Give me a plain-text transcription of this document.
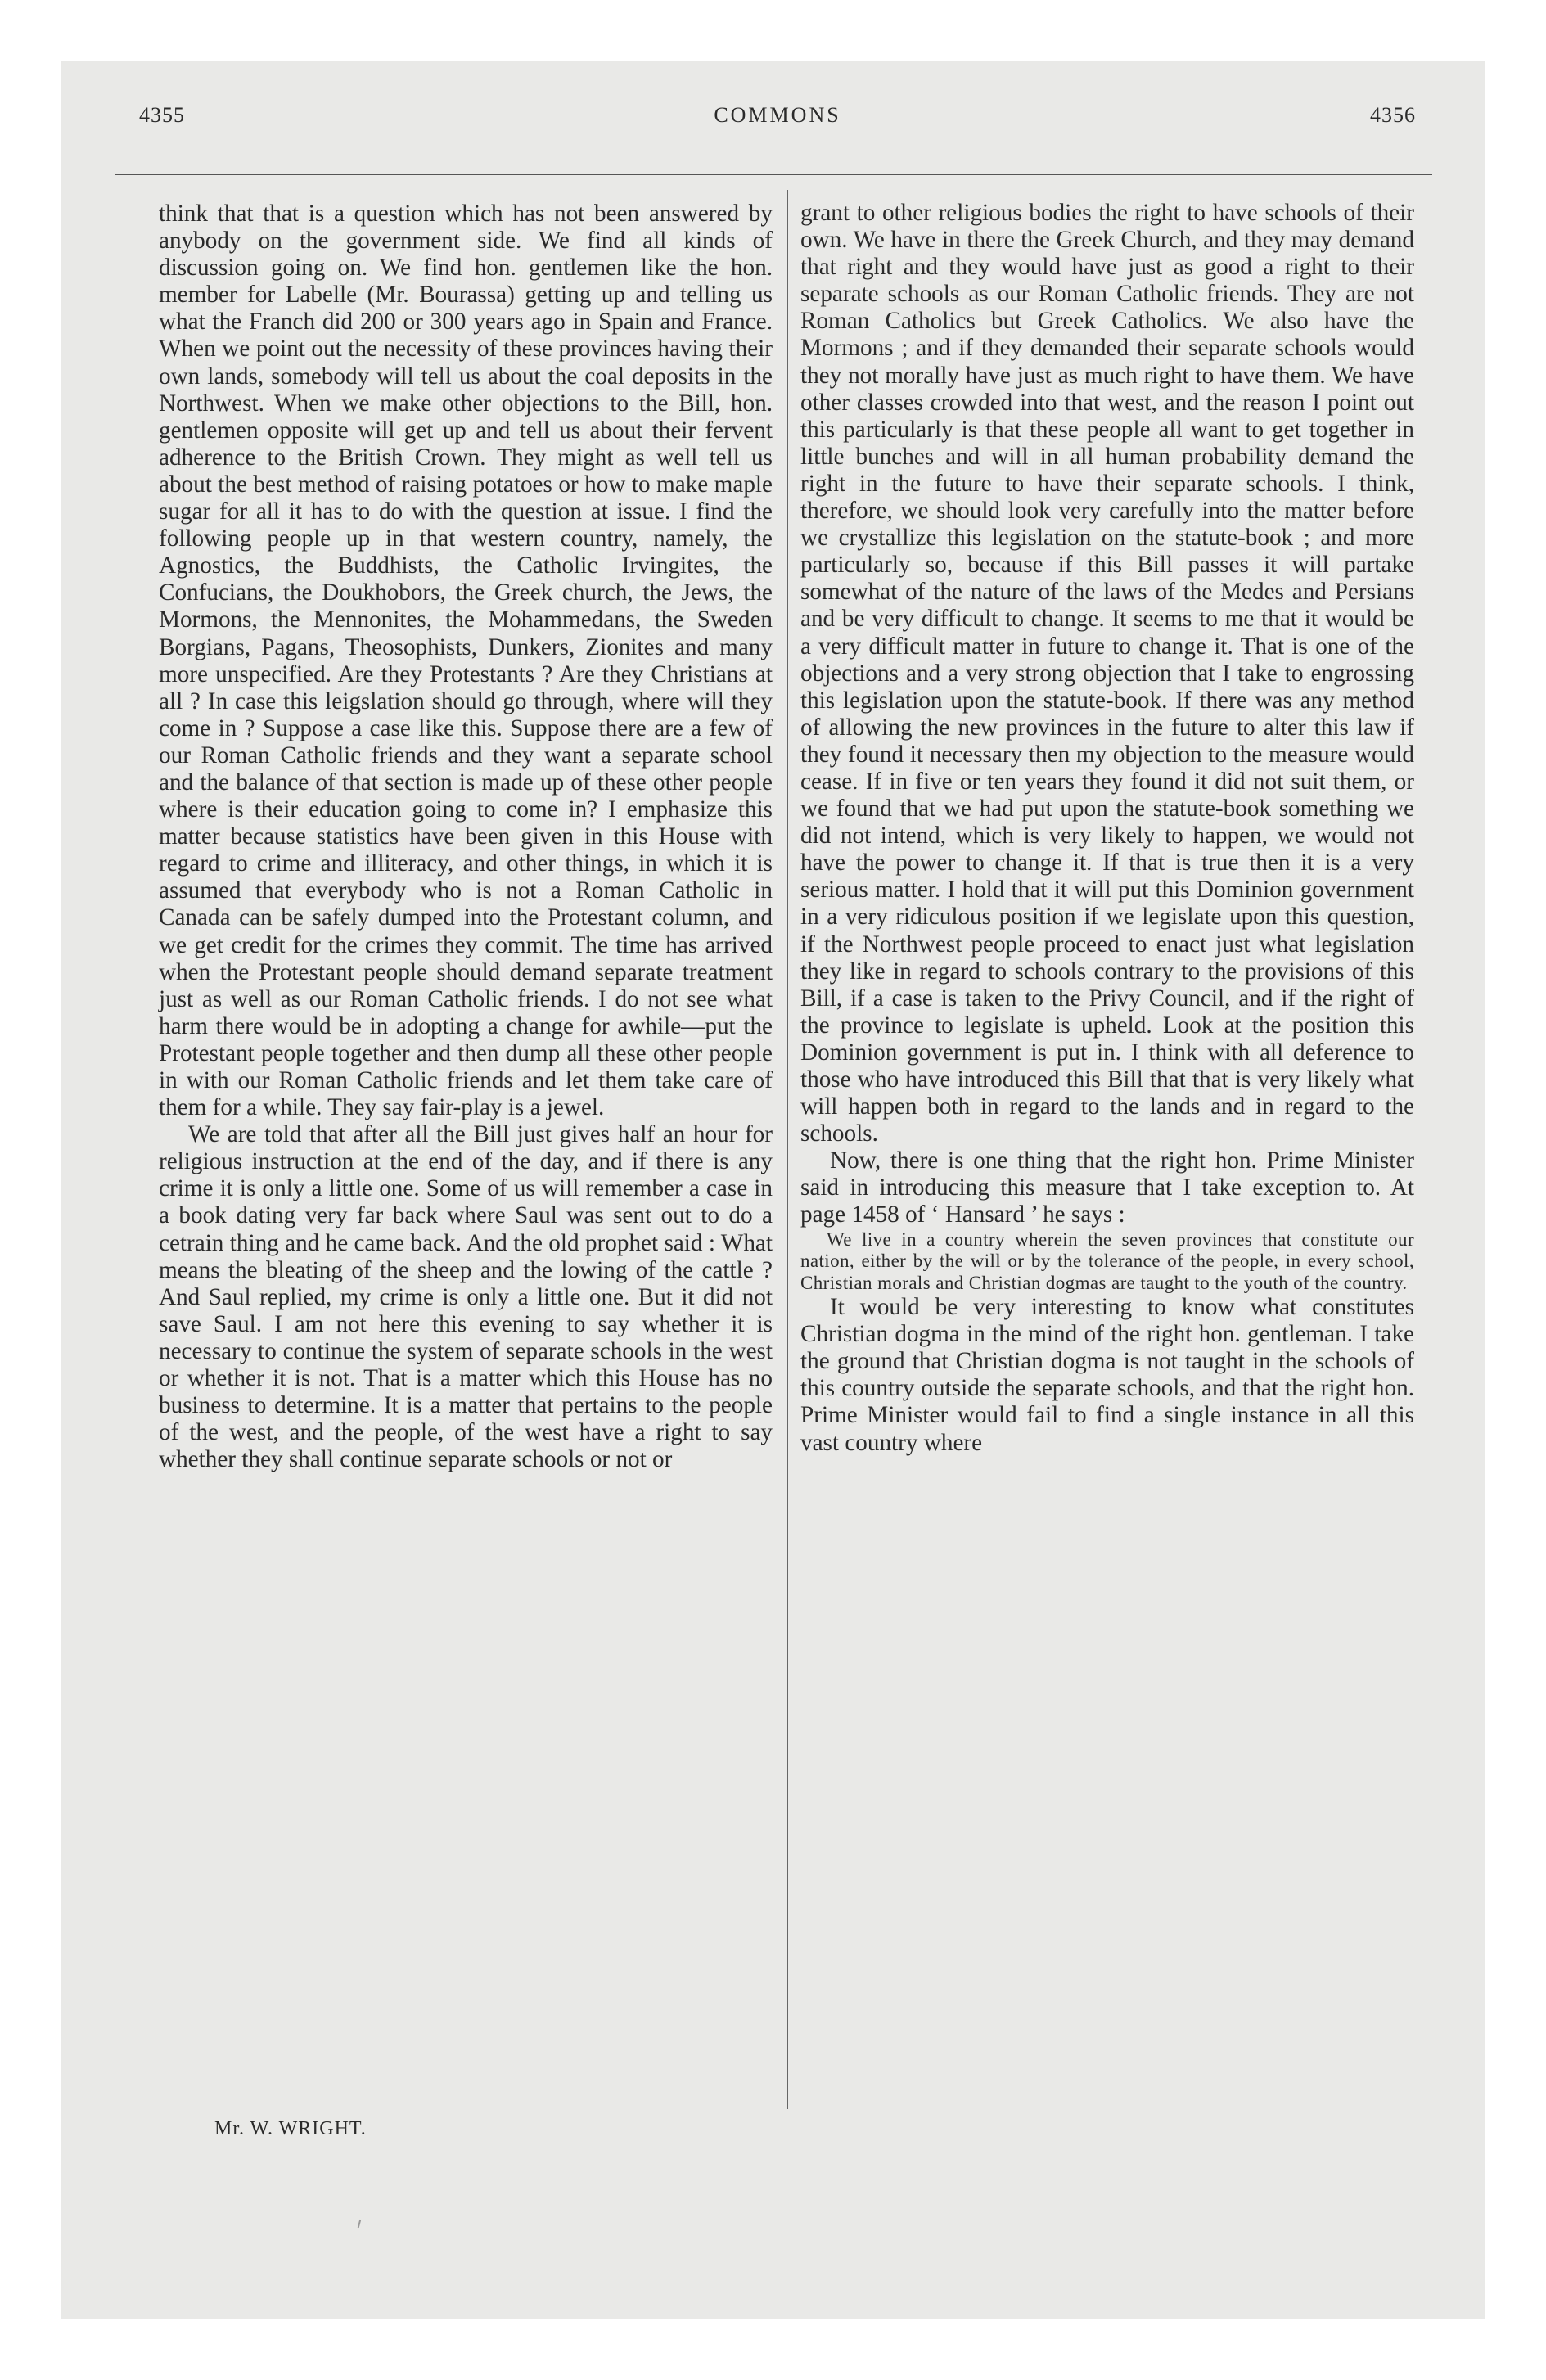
4355	COMMONS	4356

think that that is a question which has not been answered by anybody on the government side. We find all kinds of discussion going on. We find hon. gentlemen like the hon. member for Labelle (Mr. Bourassa) getting up and telling us what the Franch did 200 or 300 years ago in Spain and France. When we point out the necessity of these provinces having their own lands, somebody will tell us about the coal deposits in the Northwest. When we make other objections to the Bill, hon. gentlemen opposite will get up and tell us about their fervent adherence to the British Crown. They might as well tell us about the best method of raising potatoes or how to make maple sugar for all it has to do with the question at issue. I find the following people up in that western country, namely, the Agnostics, the Buddhists, the Catholic Irvingites, the Confucians, the Doukhobors, the Greek church, the Jews, the Mormons, the Mennonites, the Mohammedans, the Sweden Borgians, Pagans, Theosophists, Dunkers, Zionites and many more unspecified. Are they Protestants ? Are they Christians at all ? In case this leigslation should go through, where will they come in ? Suppose a case like this. Suppose there are a few of our Roman Catholic friends and they want a separate school and the balance of that section is made up of these other people where is their education going to come in? I emphasize this matter because statistics have been given in this House with regard to crime and illiteracy, and other things, in which it is assumed that everybody who is not a Roman Catholic in Canada can be safely dumped into the Protestant column, and we get credit for the crimes they commit. The time has arrived when the Protestant people should demand separate treatment just as well as our Roman Catholic friends. I do not see what harm there would be in adopting a change for awhile—put the Protestant people together and then dump all these other people in with our Roman Catholic friends and let them take care of them for a while. They say fair-play is a jewel.

We are told that after all the Bill just gives half an hour for religious instruction at the end of the day, and if there is any crime it is only a little one. Some of us will remember a case in a book dating very far back where Saul was sent out to do a cetrain thing and he came back. And the old prophet said : What means the bleating of the sheep and the lowing of the cattle ? And Saul replied, my crime is only a little one. But it did not save Saul. I am not here this evening to say whether it is necessary to continue the system of separate schools in the west or whether it is not. That is a matter which this House has no business to determine. It is a matter that pertains to the people of the west, and the people, of the west have a right to say whether they shall continue separate schools or not or

grant to other religious bodies the right to have schools of their own. We have in there the Greek Church, and they may demand that right and they would have just as good a right to their separate schools as our Roman Catholic friends. They are not Roman Catholics but Greek Catholics. We also have the Mormons ; and if they demanded their separate schools would they not morally have just as much right to have them. We have other classes crowded into that west, and the reason I point out this particularly is that these people all want to get together in little bunches and will in all human probability demand the right in the future to have their separate schools. I think, therefore, we should look very carefully into the matter before we crystallize this legislation on the statute-book ; and more particularly so, because if this Bill passes it will partake somewhat of the nature of the laws of the Medes and Persians and be very difficult to change. It seems to me that it would be a very difficult matter in future to change it. That is one of the objections and a very strong objection that I take to engrossing this legislation upon the statute-book. If there was any method of allowing the new provinces in the future to alter this law if they found it necessary then my objection to the measure would cease. If in five or ten years they found it did not suit them, or we found that we had put upon the statute-book something we did not intend, which is very likely to happen, we would not have the power to change it. If that is true then it is a very serious matter. I hold that it will put this Dominion government in a very ridiculous position if we legislate upon this question, if the Northwest people proceed to enact just what legislation they like in regard to schools contrary to the provisions of this Bill, if a case is taken to the Privy Council, and if the right of the province to legislate is upheld. Look at the position this Dominion government is put in. I think with all deference to those who have introduced this Bill that that is very likely what will happen both in regard to the lands and in regard to the schools.

Now, there is one thing that the right hon. Prime Minister said in introducing this measure that I take exception to. At page 1458 of ‘ Hansard ’ he says :

We live in a country wherein the seven provinces that constitute our nation, either by the will or by the tolerance of the people, in every school, Christian morals and Christian dogmas are taught to the youth of the country.

It would be very interesting to know what constitutes Christian dogma in the mind of the right hon. gentleman. I take the ground that Christian dogma is not taught in the schools of this country outside the separate schools, and that the right hon. Prime Minister would fail to find a single instance in all this vast country where

Mr. W. WRIGHT.
